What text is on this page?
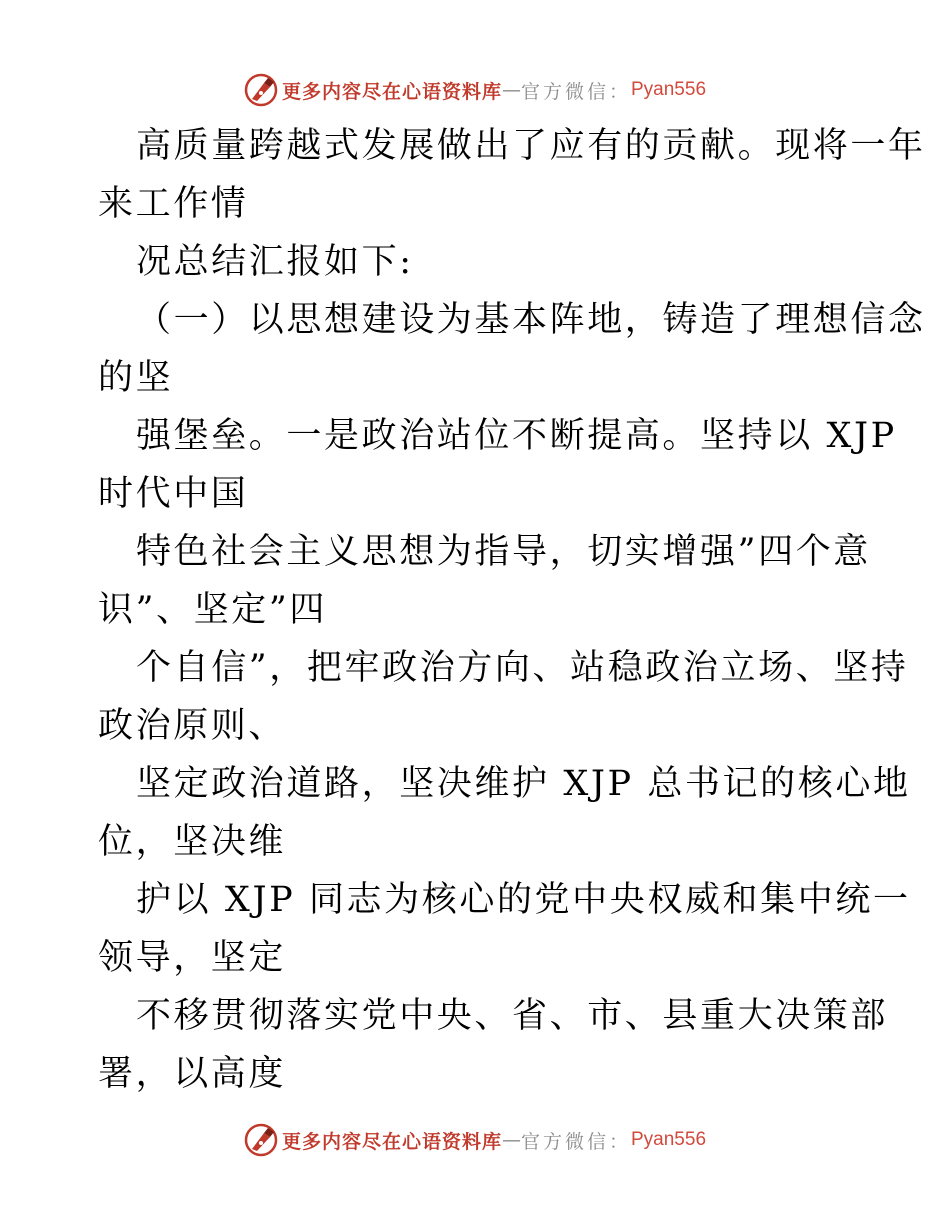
更多内容尽在心语资料库 — 官方微信： Pyan556

高质量跨越式发展做出了应有的贡献。现将一年

来工作情

况总结汇报如下:

（一）以思想建设为基本阵地，铸造了理想信念

的坚

强堡垒。一是政治站位不断提高。坚持以 XJP

时代中国

特色社会主义思想为指导，切实增强”四个意

识”、坚定”四

个自信”，把牢政治方向、站稳政治立场、坚持

政治原则、

坚定政治道路，坚决维护 XJP 总书记的核心地

位，坚决维

护以 XJP 同志为核心的党中央权威和集中统一

领导，坚定

不移贯彻落实党中央、省、市、县重大决策部

署，以高度

更多内容尽在心语资料库 — 官方微信： Pyan556
